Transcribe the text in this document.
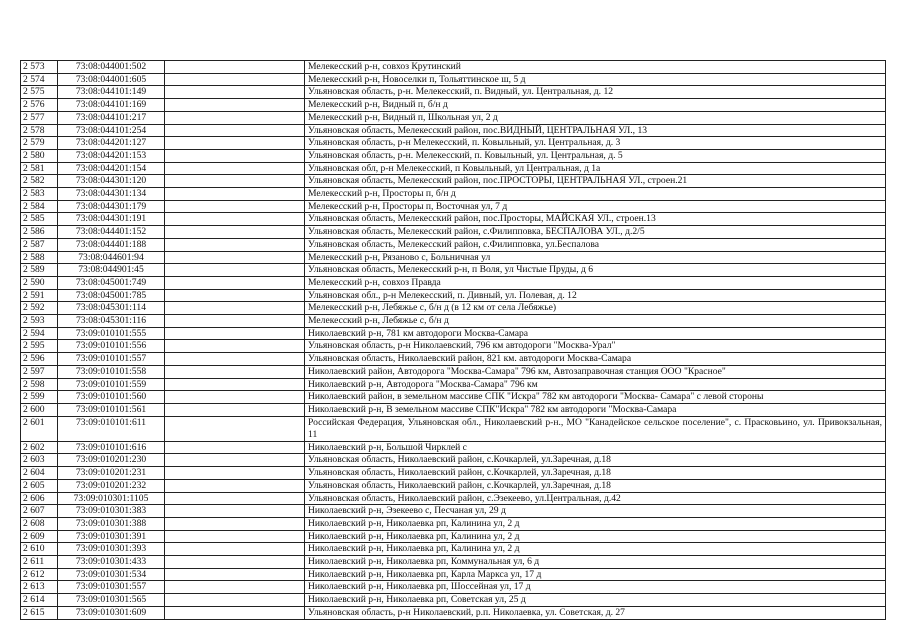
2 573	73:08:044001:502		Мелекесский р-н, совхоз Крутинский
2 574	73:08:044001:605		Мелекесский р-н, Новоселки п, Тольяттинское ш, 5 д
2 575	73:08:044101:149		Ульяновская область, р-н. Мелекесский, п. Видный, ул. Центральная, д. 12
2 576	73:08:044101:169		Мелекесский р-н, Видный п, б/н д
2 577	73:08:044101:217		Мелекесский р-н, Видный п, Школьная ул, 2 д
2 578	73:08:044101:254		Ульяновская область, Мелекесский район, пос.ВИДНЫЙ, ЦЕНТРАЛЬНАЯ УЛ., 13
2 579	73:08:044201:127		Ульяновская область, р-н Мелекесский, п. Ковыльный, ул. Центральная, д. 3
2 580	73:08:044201:153		Ульяновская область, р-н. Мелекесский, п. Ковыльный, ул. Центральная, д. 5
2 581	73:08:044201:154		Ульяновская обл, р-н Мелекесский, п Ковыльный, ул Центральная, д 1а
2 582	73:08:044301:120		Ульяновская область, Мелекесский район, пос.ПРОСТОРЫ, ЦЕНТРАЛЬНАЯ УЛ., строен.21
2 583	73:08:044301:134		Мелекесский р-н, Просторы п, б/н д
2 584	73:08:044301:179		Мелекесский р-н, Просторы п, Восточная ул, 7 д
2 585	73:08:044301:191		Ульяновская область, Мелекесский район, пос.Просторы, МАЙСКАЯ УЛ., строен.13
2 586	73:08:044401:152		Ульяновская область, Мелекесский район, с.Филипповка, БЕСПАЛОВА УЛ., д.2/5
2 587	73:08:044401:188		Ульяновская область, Мелекесский район, с.Филипповка, ул.Беспалова
2 588	73:08:044601:94		Мелекесский р-н, Рязаново с, Больничная ул
2 589	73:08:044901:45		Ульяновская область, Мелекесский р-н, п Воля, ул Чистые Пруды, д 6
2 590	73:08:045001:749		Мелекесский р-н, совхоз Правда
2 591	73:08:045001:785		Ульяновская обл., р-н Мелекесский, п. Дивный, ул. Полевая, д. 12
2 592	73:08:045301:114		Мелекесский р-н, Лебяжье с, б/н д (в 12 км от села Лебяжье)
2 593	73:08:045301:116		Мелекесский р-н, Лебяжье с, б/н д
2 594	73:09:010101:555		Николаевский р-н, 781 км автодороги Москва-Самара
2 595	73:09:010101:556		Ульяновская область, р-н Николаевский, 796 км автодороги "Москва-Урал"
2 596	73:09:010101:557		Ульяновская область, Николаевский район, 821 км. автодороги Москва-Самара
2 597	73:09:010101:558		Николаевский район, Автодорога "Москва-Самара" 796 км, Автозаправочная станция ООО "Красное"
2 598	73:09:010101:559		Николаевский р-н, Автодорога "Москва-Самара" 796 км
2 599	73:09:010101:560		Николаевский район, в земельном массиве СПК "Искра" 782 км автодороги "Москва- Самара" с левой стороны
2 600	73:09:010101:561		Николаевский р-н, В земельном массиве СПК"Искра" 782 км автодороги "Москва-Самара
2 601	73:09:010101:611		Российская Федерация, Ульяновская обл., Николаевский р-н., МО "Канадейское сельское поселение", с. Прасковьино, ул. Привокзальная, 11
2 602	73:09:010101:616		Николаевский р-н, Большой Чирклей с
2 603	73:09:010201:230		Ульяновская область, Николаевский район, с.Кочкарлей, ул.Заречная, д.18
2 604	73:09:010201:231		Ульяновская область, Николаевский район, с.Кочкарлей, ул.Заречная, д.18
2 605	73:09:010201:232		Ульяновская область, Николаевский район, с.Кочкарлей, ул.Заречная, д.18
2 606	73:09:010301:1105		Ульяновская область, Николаевский район, с.Эзекеево, ул.Центральная, д.42
2 607	73:09:010301:383		Николаевский р-н, Эзекеево с, Песчаная ул, 29 д
2 608	73:09:010301:388		Николаевский р-н, Николаевка рп, Калинина ул, 2 д
2 609	73:09:010301:391		Николаевский р-н, Николаевка рп, Калинина ул, 2 д
2 610	73:09:010301:393		Николаевский р-н, Николаевка рп, Калинина ул, 2 д
2 611	73:09:010301:433		Николаевский р-н, Николаевка рп, Коммунальная ул, 6 д
2 612	73:09:010301:534		Николаевский р-н, Николаевка рп, Карла Маркса ул, 17 д
2 613	73:09:010301:557		Николаевский р-н, Николаевка рп, Шоссейная ул, 17 д
2 614	73:09:010301:565		Николаевский р-н, Николаевка рп, Советская ул, 25 д
2 615	73:09:010301:609		Ульяновская область, р-н Николаевский, р.п. Николаевка, ул. Советская, д. 27
